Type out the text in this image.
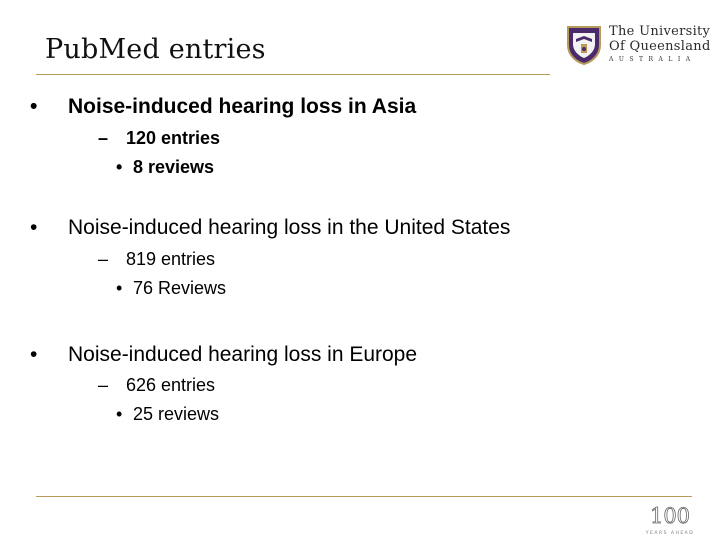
PubMed entries
The University
Of Queensland
AUSTRALIA
• Noise-induced hearing loss in Asia
– 120 entries
• 8 reviews
• Noise-induced hearing loss in the United States
– 819 entries
• 76 Reviews
• Noise-induced hearing loss in Europe
– 626 entries
• 25 reviews
100
YEARS AHEAD
